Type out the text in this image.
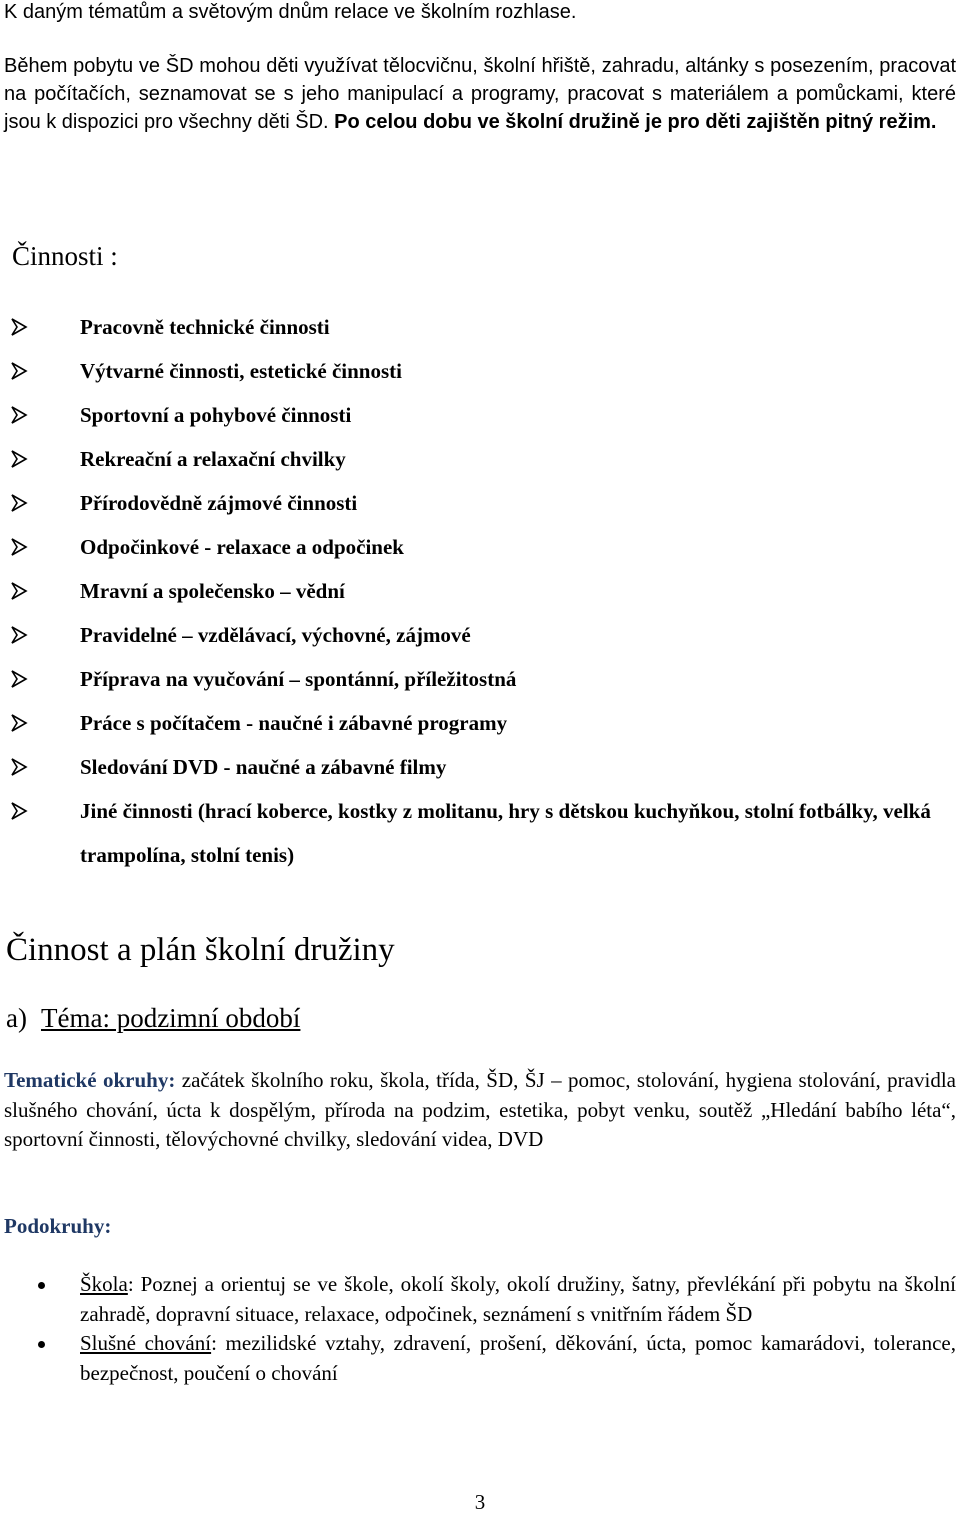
K daným tématům a světovým dnům relace ve školním rozhlase.
Během pobytu ve ŠD mohou děti využívat tělocvičnu, školní hřiště, zahradu, altánky s posezením, pracovat na počítačích, seznamovat se s jeho manipulací a programy, pracovat s materiálem a pomůckami, které jsou k dispozici pro všechny děti ŠD. Po celou dobu ve školní družině je pro děti zajištěn pitný režim.
Činnosti :
Pracovně technické činnosti
Výtvarné činnosti, estetické činnosti
Sportovní a pohybové činnosti
Rekreační a relaxační chvilky
Přírodovědně zájmové činnosti
Odpočinkové - relaxace a odpočinek
Mravní a společensko – vědní
Pravidelné – vzdělávací, výchovné, zájmové
Příprava na vyučování – spontánní, příležitostná
Práce s počítačem - naučné i zábavné programy
Sledování DVD - naučné a zábavné filmy
Jiné činnosti (hrací koberce, kostky z molitanu, hry s dětskou kuchyňkou, stolní fotbálky, velká trampolína, stolní tenis)
Činnost a plán školní družiny
a) Téma: podzimní období
Tematické okruhy: začátek školního roku, škola, třída, ŠD, ŠJ – pomoc, stolování, hygiena stolování, pravidla slušného chování, úcta k dospělým, příroda na podzim, estetika, pobyt venku, soutěž „Hledání babího léta“, sportovní činnosti, tělovýchovné chvilky, sledování videa, DVD
Podokruhy:
Škola: Poznej a orientuj se ve škole, okolí školy, okolí družiny, šatny, převlékání při pobytu na školní zahradě, dopravní situace, relaxace, odpočinek, seznámení s vnitřním řádem ŠD
Slušné chování: mezilidské vztahy, zdravení, prošení, děkování, úcta, pomoc kamarádovi, tolerance, bezpečnost, poučení o chování
3
